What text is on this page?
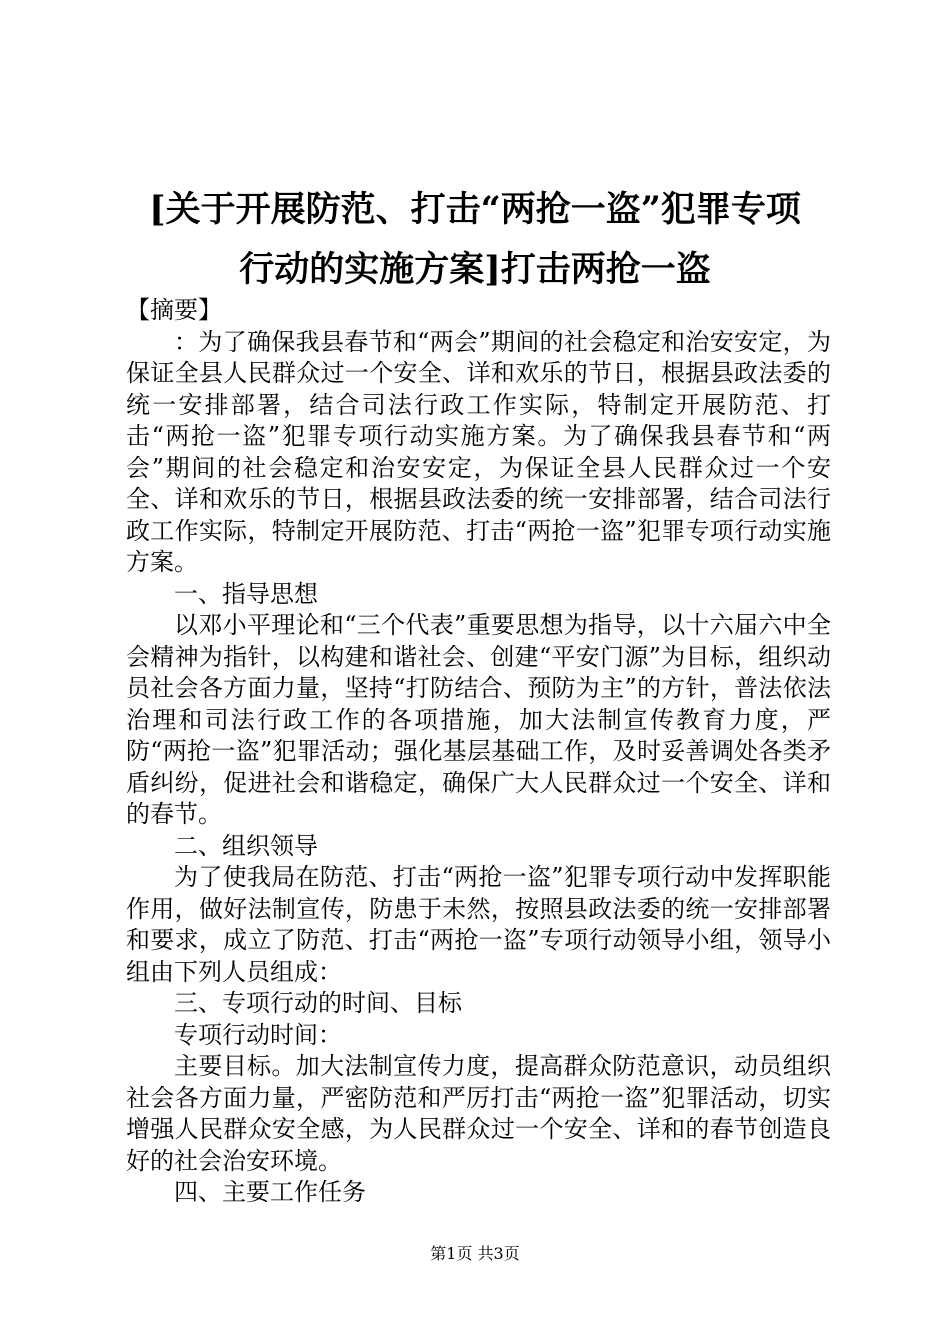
[关于开展防范、打击“两抢一盗”犯罪专项
行动的实施方案]打击两抢一盗

【摘要】

：为了确保我县春节和“两会”期间的社会稳定和治安安定，为保证全县人民群众过一个安全、详和欢乐的节日，根据县政法委的统一安排部署，结合司法行政工作实际，特制定开展防范、打击“两抢一盗”犯罪专项行动实施方案。为了确保我县春节和“两会”期间的社会稳定和治安安定，为保证全县人民群众过一个安全、详和欢乐的节日，根据县政法委的统一安排部署，结合司法行政工作实际，特制定开展防范、打击“两抢一盗”犯罪专项行动实施方案。

一、指导思想

以邓小平理论和“三个代表”重要思想为指导，以十六届六中全会精神为指针，以构建和谐社会、创建“平安门源”为目标，组织动员社会各方面力量，坚持“打防结合、预防为主”的方针，普法依法治理和司法行政工作的各项措施，加大法制宣传教育力度，严防“两抢一盗”犯罪活动；强化基层基础工作，及时妥善调处各类矛盾纠纷，促进社会和谐稳定，确保广大人民群众过一个安全、详和的春节。

二、组织领导

为了使我局在防范、打击“两抢一盗”犯罪专项行动中发挥职能作用，做好法制宣传，防患于未然，按照县政法委的统一安排部署和要求，成立了防范、打击“两抢一盗”专项行动领导小组，领导小组由下列人员组成：

三、专项行动的时间、目标

专项行动时间：

主要目标。加大法制宣传力度，提高群众防范意识，动员组织社会各方面力量，严密防范和严厉打击“两抢一盗”犯罪活动，切实增强人民群众安全感，为人民群众过一个安全、详和的春节创造良好的社会治安环境。

四、主要工作任务

第1页 共3页
